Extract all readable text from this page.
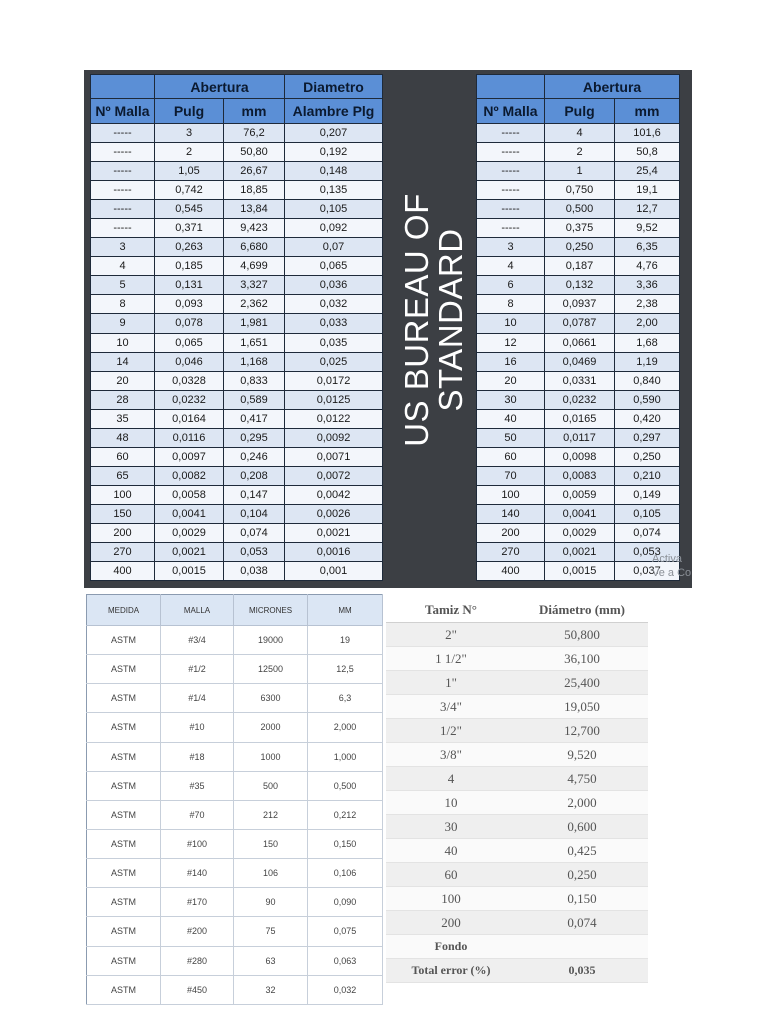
	Abertura		Diametro
Nº Malla	Pulg	mm	Alambre Plg
-----	3	76,2	0,207
-----	2	50,80	0,192
-----	1,05	26,67	0,148
-----	0,742	18,85	0,135
-----	0,545	13,84	0,105
-----	0,371	9,423	0,092
3	0,263	6,680	0,07
4	0,185	4,699	0,065
5	0,131	3,327	0,036
8	0,093	2,362	0,032
9	0,078	1,981	0,033
10	0,065	1,651	0,035
14	0,046	1,168	0,025
20	0,0328	0,833	0,0172
28	0,0232	0,589	0,0125
35	0,0164	0,417	0,0122
48	0,0116	0,295	0,0092
60	0,0097	0,246	0,0071
65	0,0082	0,208	0,0072
100	0,0058	0,147	0,0042
150	0,0041	0,104	0,0026
200	0,0029	0,074	0,0021
270	0,0021	0,053	0,0016
400	0,0015	0,038	0,001
US BUREAU OF
STANDARD
	Abertura	
Nº Malla	Pulg	mm
-----	4	101,6
-----	2	50,8
-----	1	25,4
-----	0,750	19,1
-----	0,500	12,7
-----	0,375	9,52
3	0,250	6,35
4	0,187	4,76
6	0,132	3,36
8	0,0937	2,38
10	0,0787	2,00
12	0,0661	1,68
16	0,0469	1,19
20	0,0331	0,840
30	0,0232	0,590
40	0,0165	0,420
50	0,0117	0,297
60	0,0098	0,250
70	0,0083	0,210
100	0,0059	0,149
140	0,0041	0,105
200	0,0029	0,074
270	0,0021	0,053
400	0,0015	0,037
Activa
Ve a Co
MEDIDA	MALLA	MICRONES	MM
ASTM	#3/4	19000	19
ASTM	#1/2	12500	12,5
ASTM	#1/4	6300	6,3
ASTM	#10	2000	2,000
ASTM	#18	1000	1,000
ASTM	#35	500	0,500
ASTM	#70	212	0,212
ASTM	#100	150	0,150
ASTM	#140	106	0,106
ASTM	#170	90	0,090
ASTM	#200	75	0,075
ASTM	#280	63	0,063
ASTM	#450	32	0,032
Tamiz N°	Diámetro (mm)
2"	50,800
1 1/2"	36,100
1"	25,400
3/4"	19,050
1/2"	12,700
3/8"	9,520
4	4,750
10	2,000
30	0,600
40	0,425
60	0,250
100	0,150
200	0,074
Fondo	
Total error (%)	0,035
